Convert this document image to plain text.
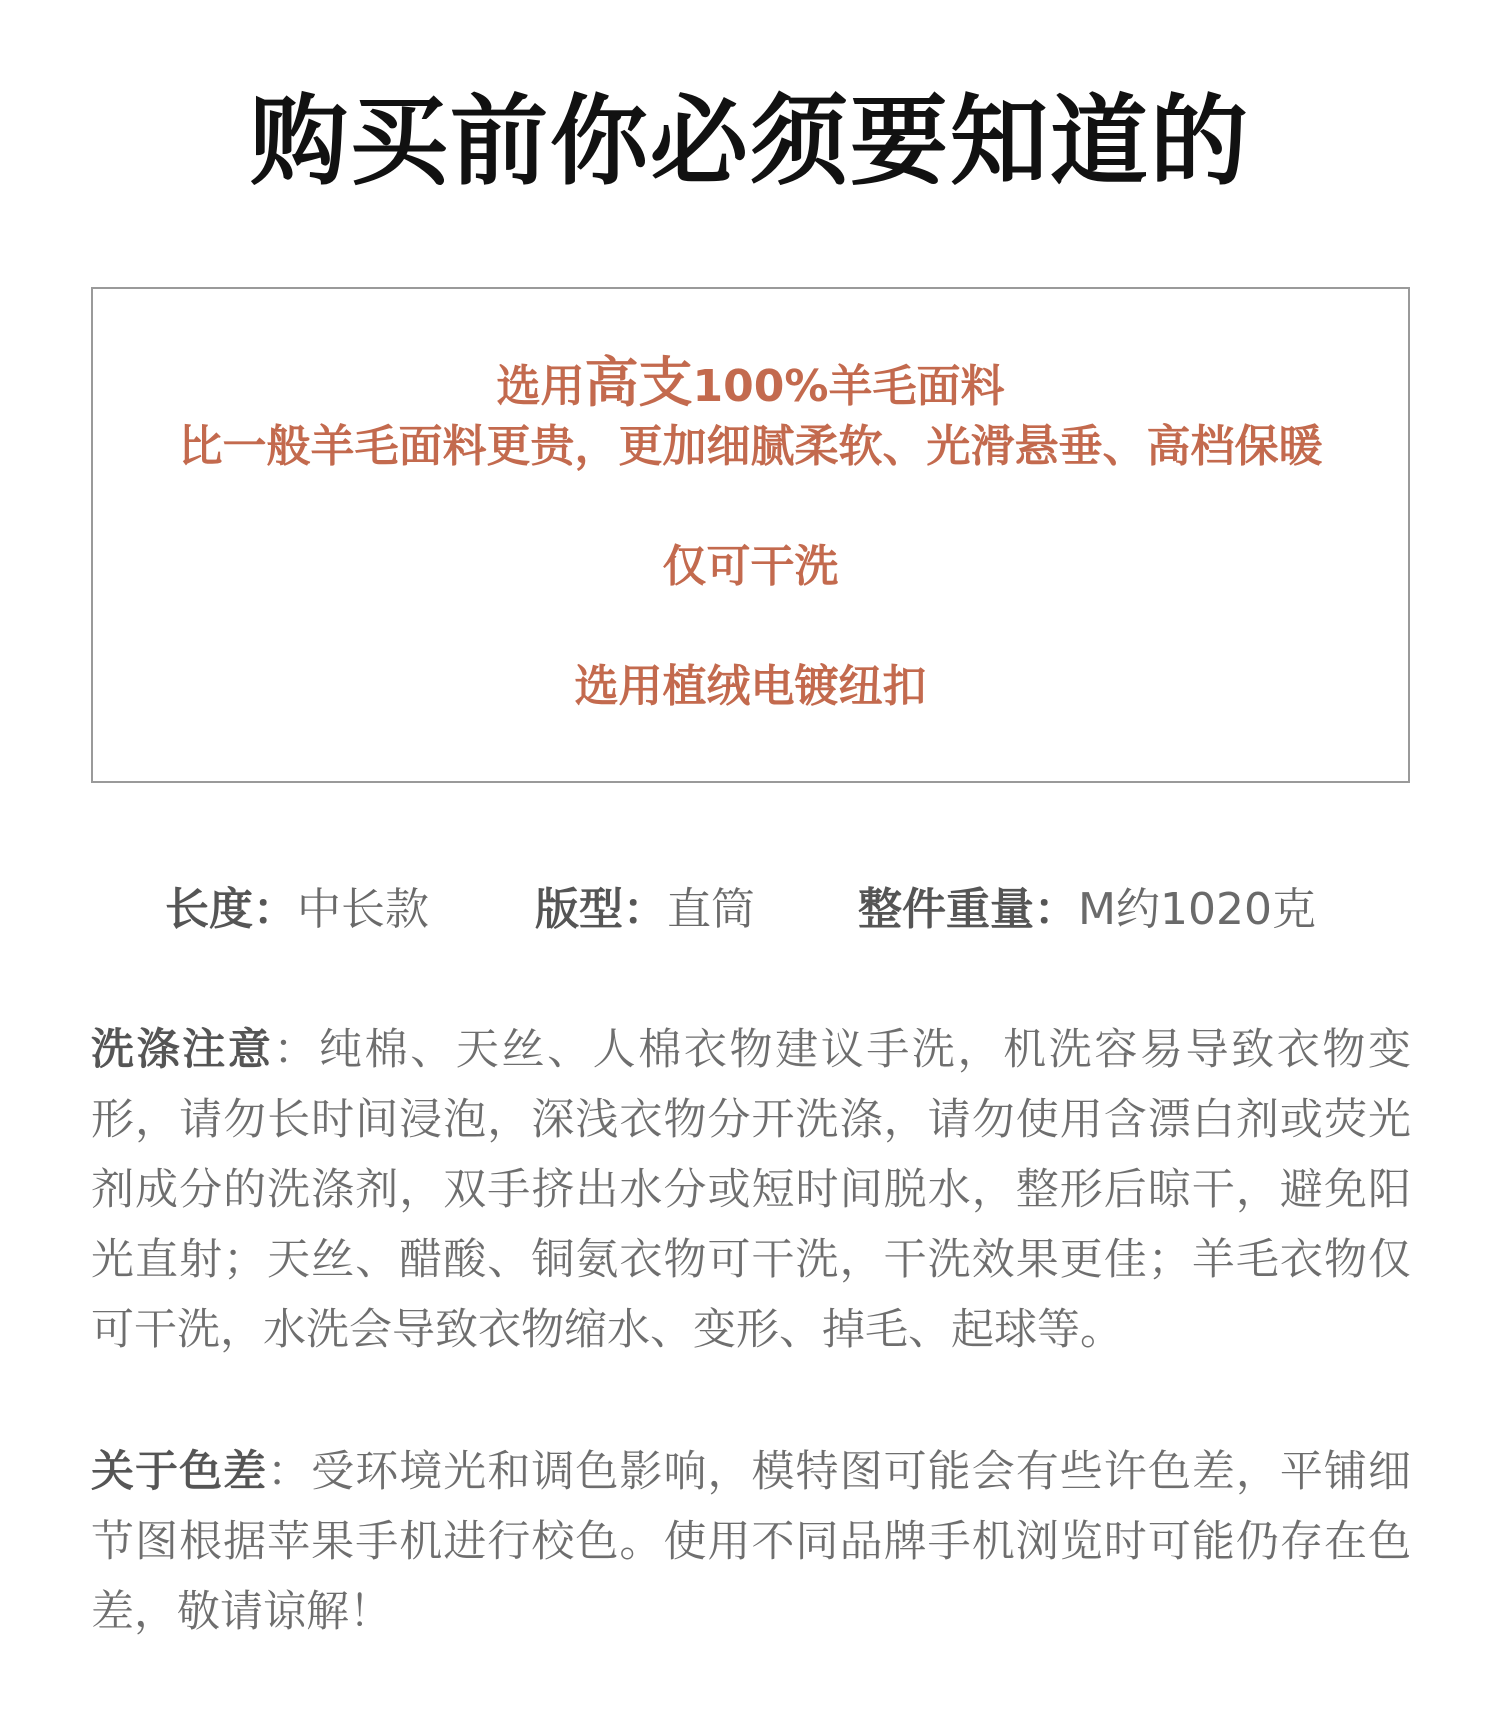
购买前你必须要知道的
选用高支100%羊毛面料
比一般羊毛面料更贵，更加细腻柔软、光滑悬垂、高档保暖
仅可干洗
选用植绒电镀纽扣
长度：中长款 版型：直筒 整件重量：M约1020克
洗涤注意：纯棉、天丝、人棉衣物建议手洗，机洗容易导致衣物变形，请勿长时间浸泡，深浅衣物分开洗涤，请勿使用含漂白剂或荧光剂成分的洗涤剂，双手挤出水分或短时间脱水，整形后晾干，避免阳光直射；天丝、醋酸、铜氨衣物可干洗，干洗效果更佳；羊毛衣物仅可干洗，水洗会导致衣物缩水、变形、掉毛、起球等。
关于色差：受环境光和调色影响，模特图可能会有些许色差，平铺细节图根据苹果手机进行校色。使用不同品牌手机浏览时可能仍存在色差，敬请谅解！
